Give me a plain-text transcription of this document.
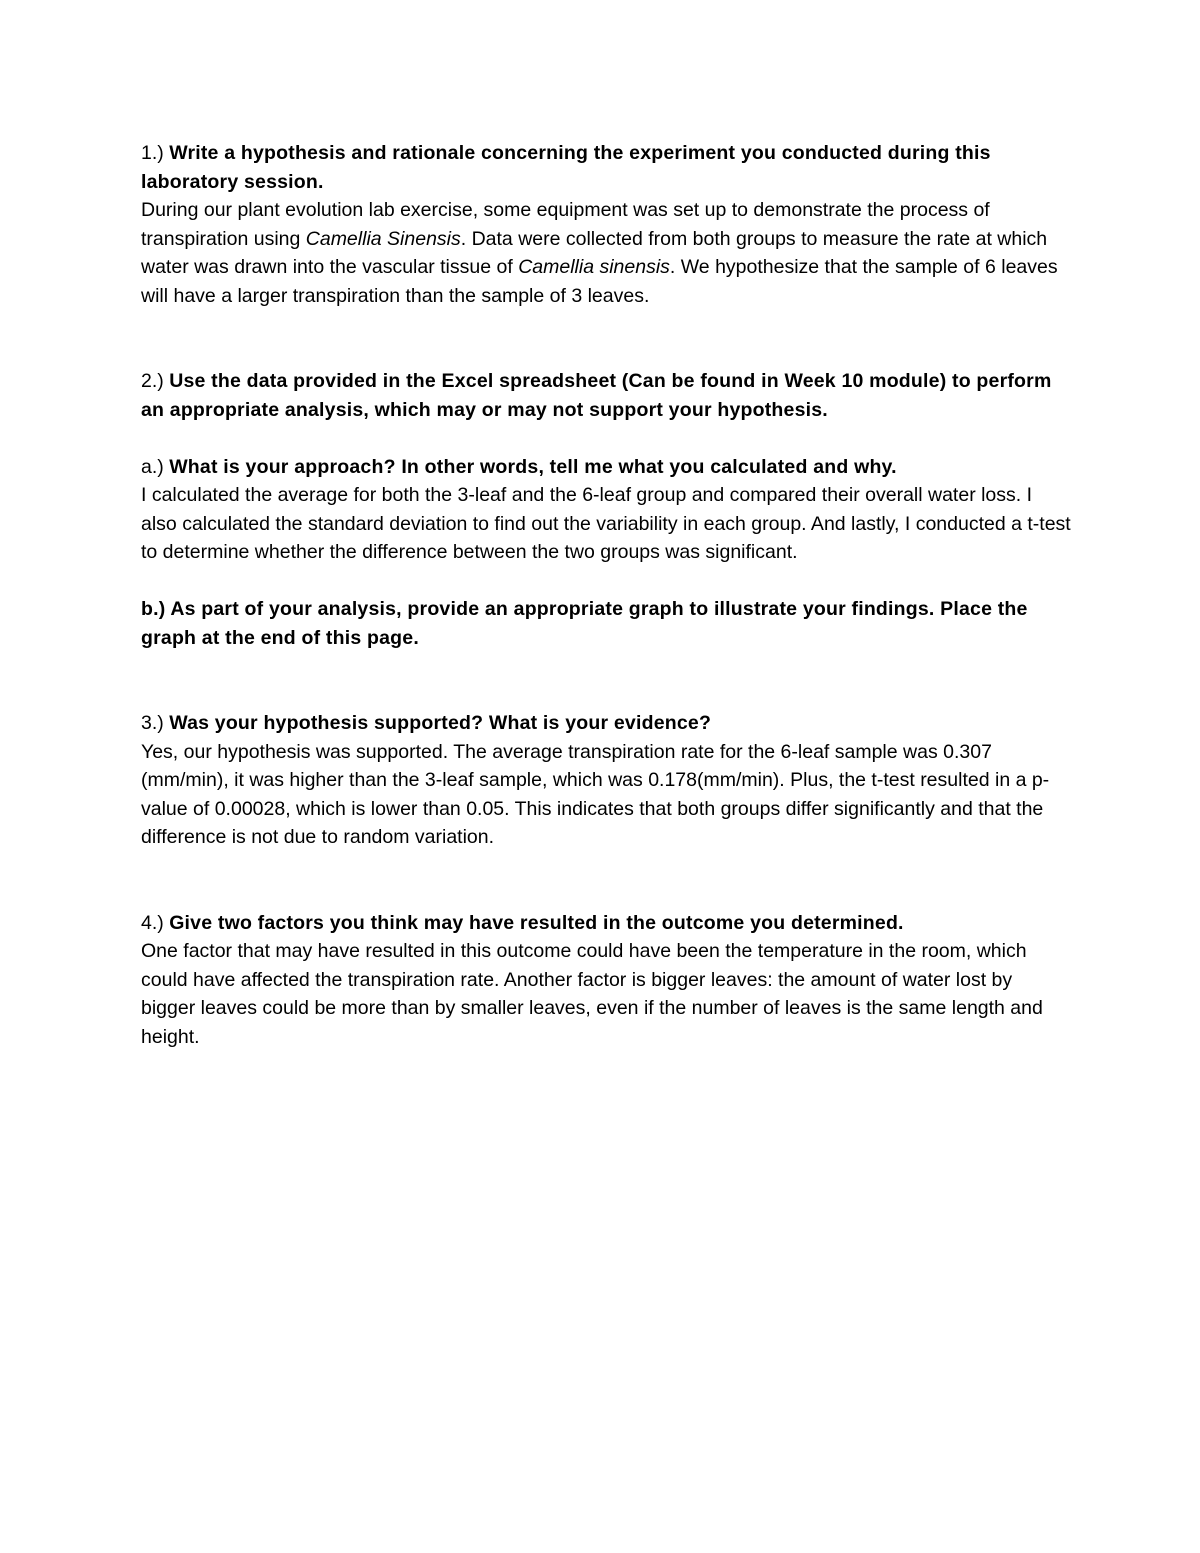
1.) Write a hypothesis and rationale concerning the experiment you conducted during this laboratory session.

During our plant evolution lab exercise, some equipment was set up to demonstrate the process of transpiration using Camellia Sinensis. Data were collected from both groups to measure the rate at which water was drawn into the vascular tissue of Camellia sinensis. We hypothesize that the sample of 6 leaves will have a larger transpiration than the sample of 3 leaves.

2.) Use the data provided in the Excel spreadsheet (Can be found in Week 10 module) to perform an appropriate analysis, which may or may not support your hypothesis.

a.) What is your approach? In other words, tell me what you calculated and why.

I calculated the average for both the 3-leaf and the 6-leaf group and compared their overall water loss. I also calculated the standard deviation to find out the variability in each group. And lastly, I conducted a t-test to determine whether the difference between the two groups was significant.

b.) As part of your analysis, provide an appropriate graph to illustrate your findings. Place the graph at the end of this page.

3.) Was your hypothesis supported? What is your evidence?

Yes, our hypothesis was supported. The average transpiration rate for the 6-leaf sample was 0.307 (mm/min), it was higher than the 3-leaf sample, which was 0.178(mm/min). Plus, the t-test resulted in a p-value of 0.00028, which is lower than 0.05. This indicates that both groups differ significantly and that the difference is not due to random variation.

4.) Give two factors you think may have resulted in the outcome you determined.

One factor that may have resulted in this outcome could have been the temperature in the room, which could have affected the transpiration rate. Another factor is bigger leaves: the amount of water lost by bigger leaves could be more than by smaller leaves, even if the number of leaves is the same length and height.
